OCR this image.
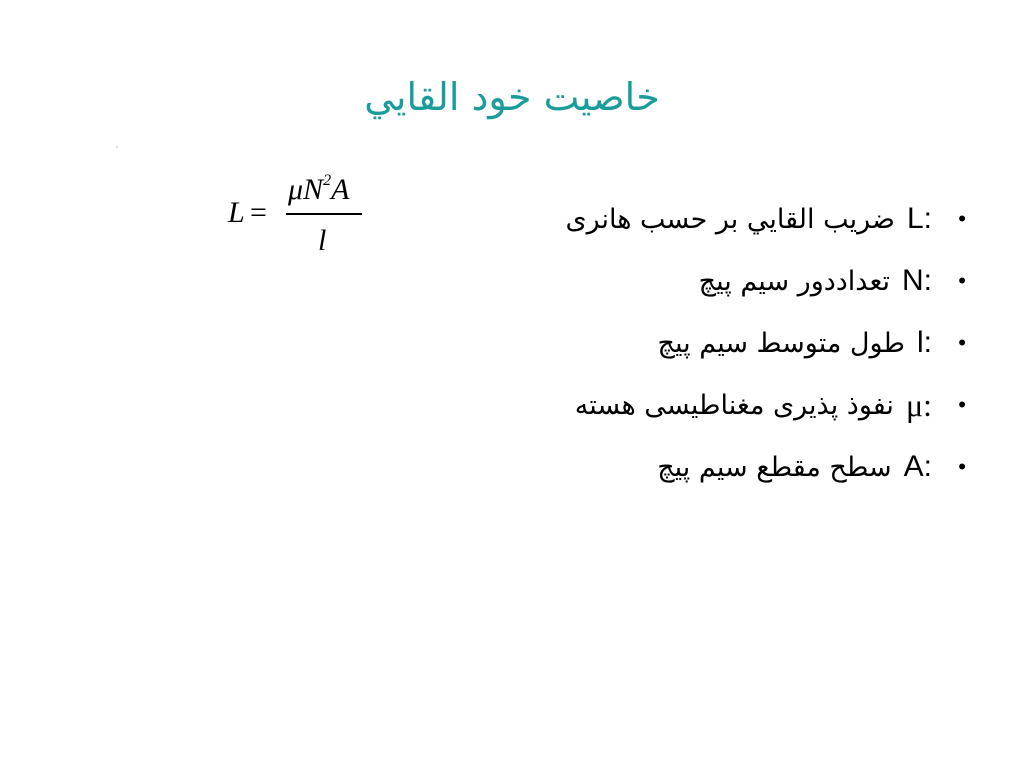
خاصيت خود القايي
L =
$\mu N^2A$
l
•
L:
ضريب القايي بر حسب هانری
•
N:
تعداددور سيم پيچ
•
l:
طول متوسط سيم پيچ
•
μ:
نفوذ پذيری مغناطيسی هسته
•
A:
سطح مقطع سيم پيچ
